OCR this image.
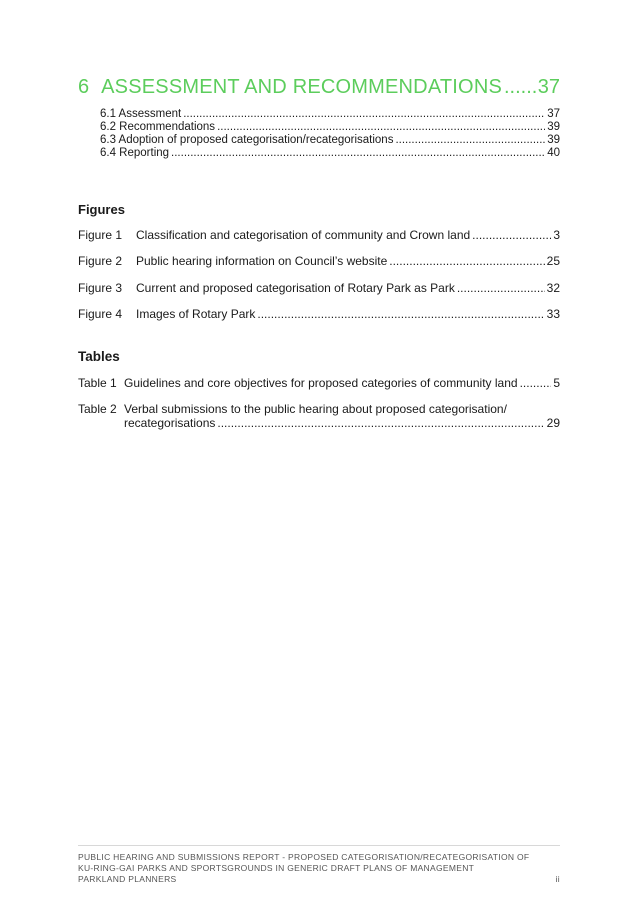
6 ASSESSMENT AND RECOMMENDATIONS ..... 37
6.1 Assessment .....	37
6.2 Recommendations .....	39
6.3 Adoption of proposed categorisation/recategorisations .....	39
6.4 Reporting .....	40
Figures
Figure 1	Classification and categorisation of community and Crown land .....	3
Figure 2	Public hearing information on Council’s website .....	25
Figure 3	Current and proposed categorisation of Rotary Park as Park .....	32
Figure 4	Images of Rotary Park .....	33
Tables
Table 1 Guidelines and core objectives for proposed categories of community land .....	5
Table 2 Verbal submissions to the public hearing about proposed categorisation/
recategorisations .....	29
PUBLIC HEARING AND SUBMISSIONS REPORT - PROPOSED CATEGORISATION/RECATEGORISATION OF
KU-RING-GAI PARKS AND SPORTSGROUNDS IN GENERIC DRAFT PLANS OF MANAGEMENT
PARKLAND PLANNERS	ii
